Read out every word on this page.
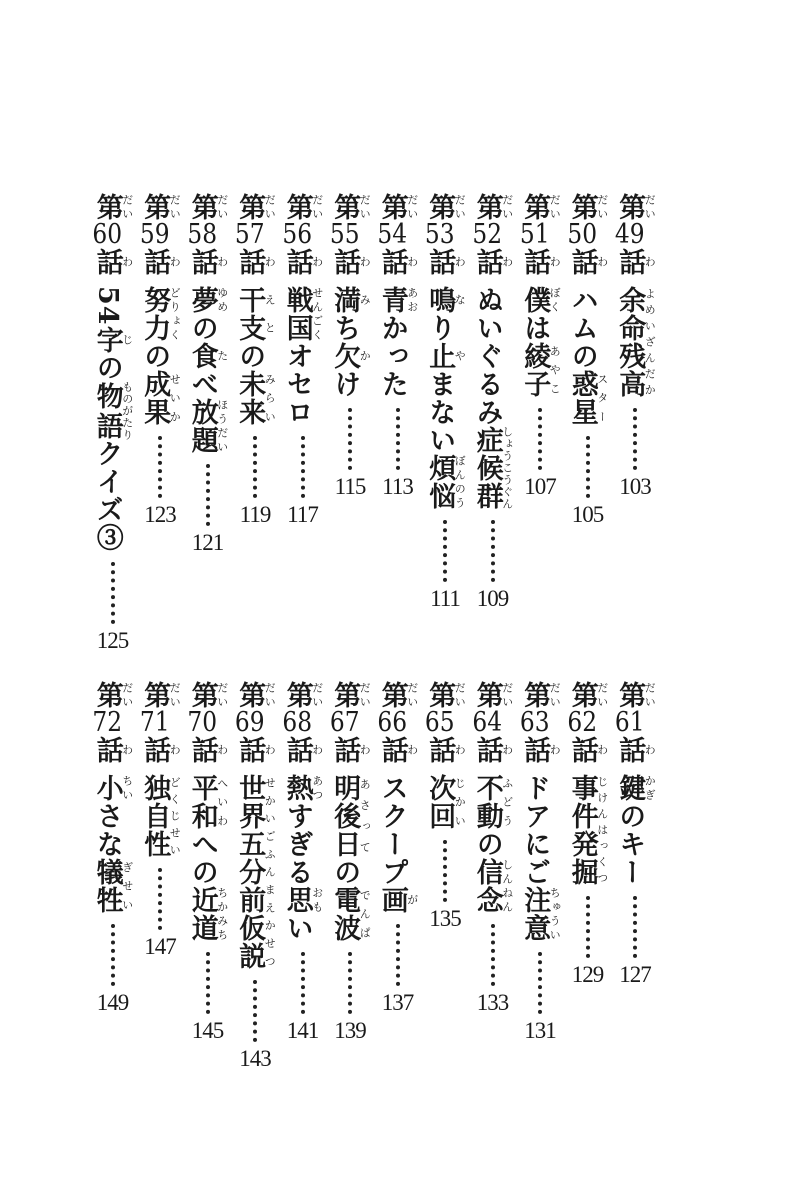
第だい49話わ
余命残高よめいざんだか
103
第だい50話わ
ハムの惑星スター
105
第だい51話わ
僕ぼくは綾子あやこ
107
第だい52話わ
ぬいぐるみ症候群しょうこうぐん
109
第だい53話わ
鳴なり止やまない煩悩ぼんのう
111
第だい54話わ
青あおかった
113
第だい55話わ
満みち欠かけ
115
第だい56話わ
戦国せんごくオセロ
117
第だい57話わ
干支えとの未来みらい
119
第だい58話わ
夢ゆめの食たべ放題ほうだい
121
第だい59話わ
努力どりょくの成果せいか
123
第だい60話わ
54字じの物語ものがたりクイズ③
125
第だい61話わ
鍵かぎのキー
127
第だい62話わ
事件発掘じけんはっくつ
129
第だい63話わ
ドアにご注意ちゅうい
131
第だい64話わ
不動ふどうの信念しんねん
133
第だい65話わ
次回じかい
135
第だい66話わ
スクープ画が
137
第だい67話わ
明後日あさっての電波でんぱ
139
第だい68話わ
熱あつすぎる思おもい
141
第だい69話わ
世界五分前仮説せかいごふんまえかせつ
143
第だい70話わ
平和へいわへの近道ちかみち
145
第だい71話わ
独自性どくじせい
147
第だい72話わ
小ちいさな犠牲ぎせい
149
